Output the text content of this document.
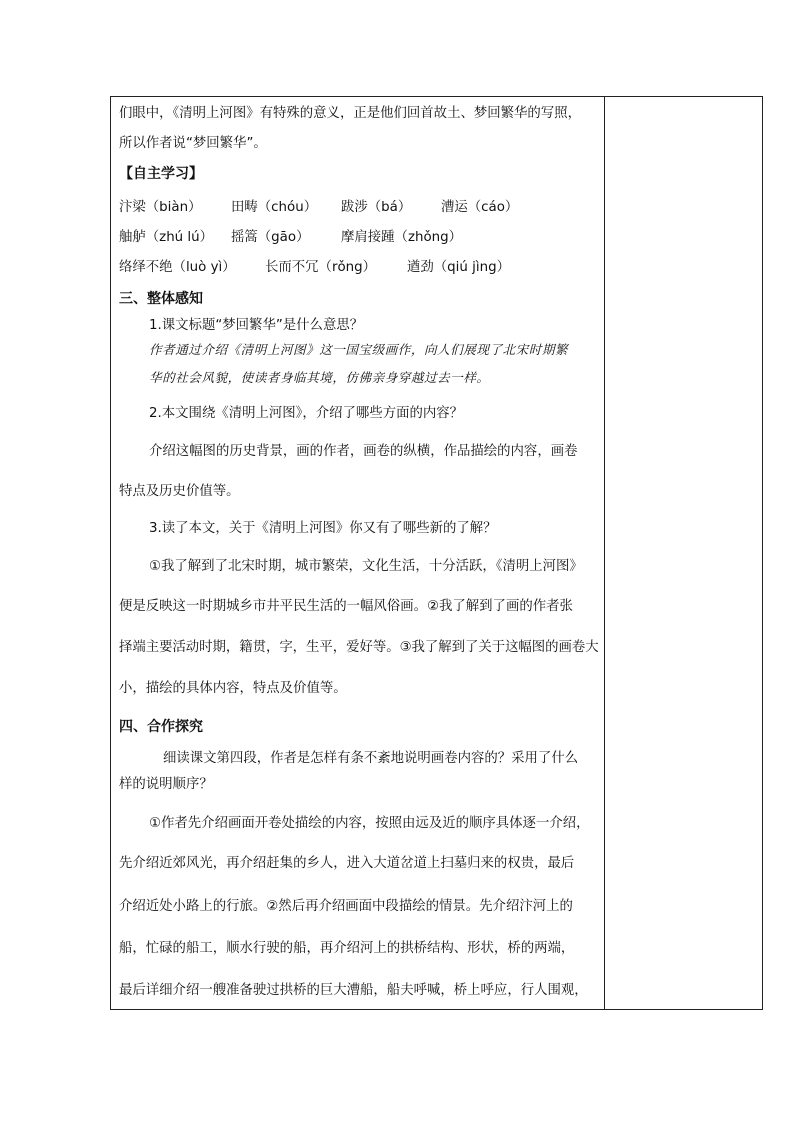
们眼中，《清明上河图》有特殊的意义，正是他们回首故土、梦回繁华的写照，
所以作者说“梦回繁华”。
【自主学习】
汴梁（biàn） 田畴（chóu） 跋涉（bá） 漕运（cáo）
舳舻（zhú lú） 摇篙（gāo） 摩肩接踵（zhǒng）
络绎不绝（luò yì） 长而不冗（rǒng） 遒劲（qiú jìng）
三、整体感知
1.课文标题“梦回繁华”是什么意思？
作者通过介绍《清明上河图》这一国宝级画作，向人们展现了北宋时期繁
华的社会风貌，使读者身临其境，仿佛亲身穿越过去一样。
2.本文围绕《清明上河图》，介绍了哪些方面的内容？
介绍这幅图的历史背景，画的作者，画卷的纵横，作品描绘的内容，画卷
特点及历史价值等。
3.读了本文，关于《清明上河图》你又有了哪些新的了解？
①我了解到了北宋时期，城市繁荣，文化生活，十分活跃，《清明上河图》
便是反映这一时期城乡市井平民生活的一幅风俗画。②我了解到了画的作者张
择端主要活动时期，籍贯，字，生平，爱好等。③我了解到了关于这幅图的画卷大
小，描绘的具体内容，特点及价值等。
四、合作探究
细读课文第四段，作者是怎样有条不紊地说明画卷内容的？采用了什么
样的说明顺序？
①作者先介绍画面开卷处描绘的内容，按照由远及近的顺序具体逐一介绍，
先介绍近郊风光，再介绍赶集的乡人，进入大道岔道上扫墓归来的权贵，最后
介绍近处小路上的行旅。②然后再介绍画面中段描绘的情景。先介绍汴河上的
船，忙碌的船工，顺水行驶的船，再介绍河上的拱桥结构、形状，桥的两端，
最后详细介绍一艘准备驶过拱桥的巨大漕船，船夫呼喊，桥上呼应，行人围观，
